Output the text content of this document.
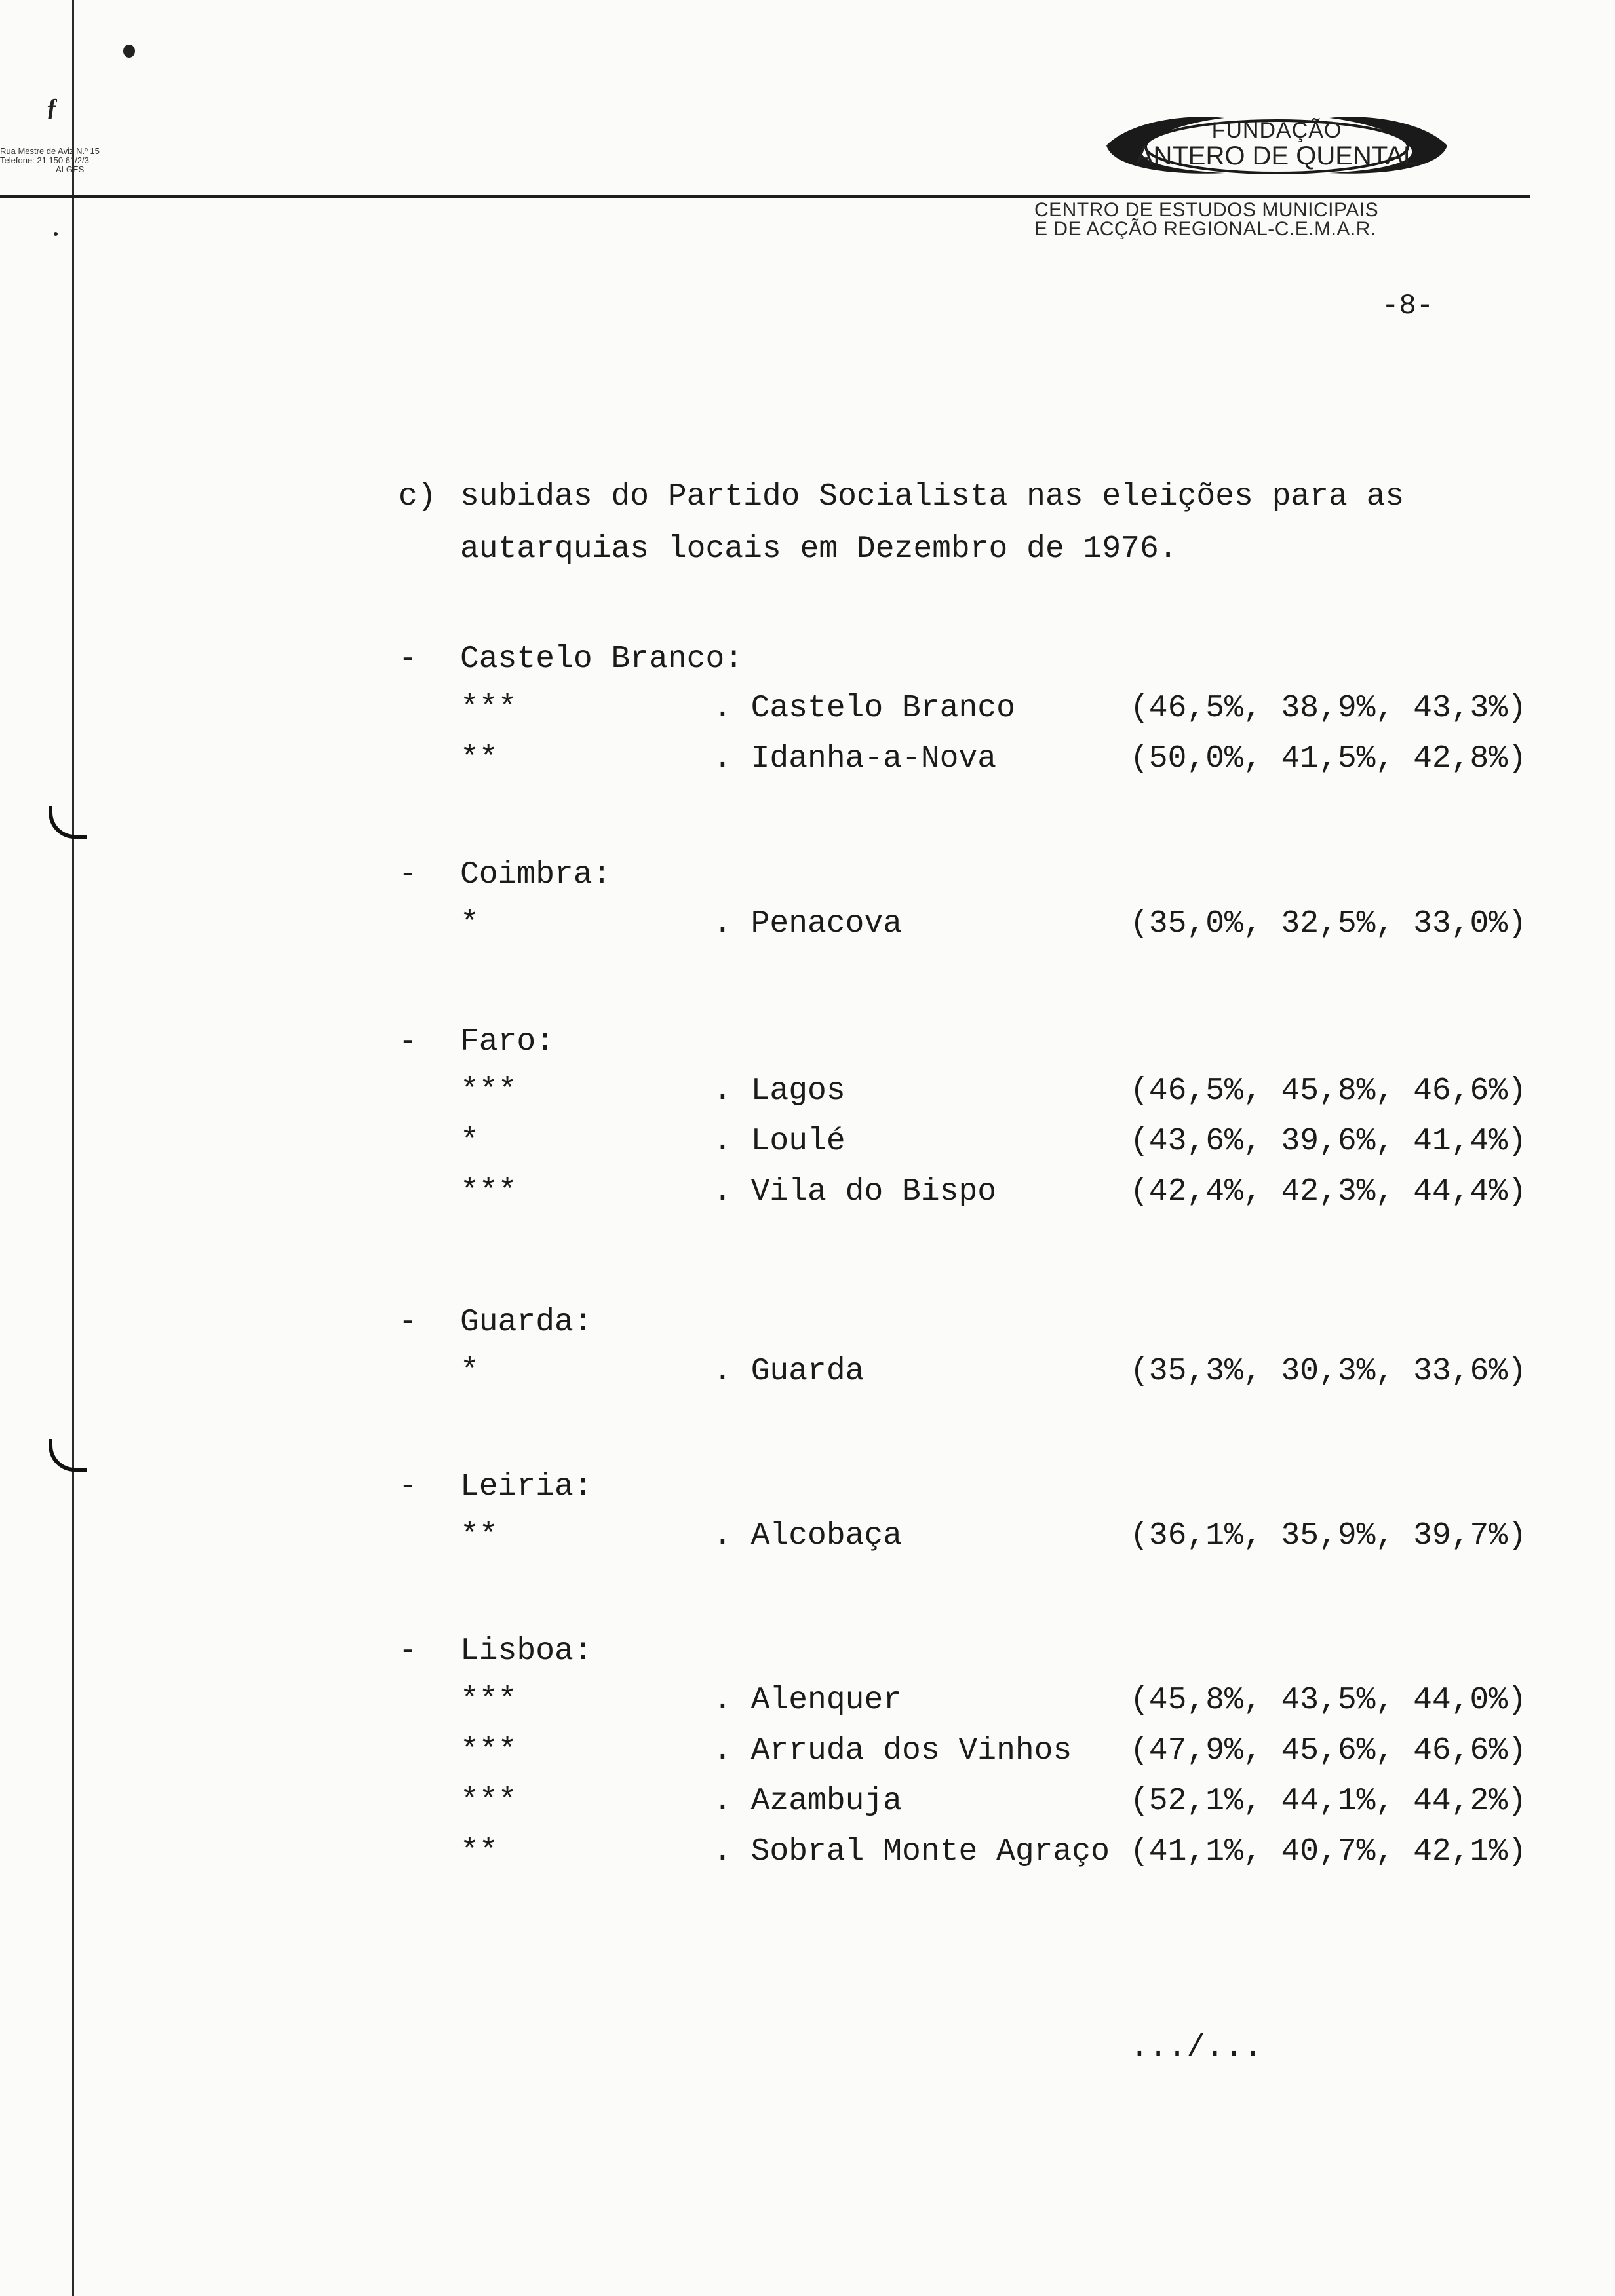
ƒ
Rua Mestre de Aviz N.º 15
Telefone: 21 150 61/2/3
ALGES
FUNDAÇÃO
ANTERO DE QUENTAL
CENTRO DE ESTUDOS MUNICIPAIS
E DE ACÇÃO REGIONAL-C.E.M.A.R.
-8-
c) subidas do Partido Socialista nas eleições para as
autarquias locais em Dezembro de 1976.
- Castelo Branco:
***	. Castelo Branco	(46,5%, 38,9%, 43,3%)
**	. Idanha-a-Nova	(50,0%, 41,5%, 42,8%)
- Coimbra:
*	. Penacova	(35,0%, 32,5%, 33,0%)
- Faro:
***	. Lagos	(46,5%, 45,8%, 46,6%)
*	. Loulé	(43,6%, 39,6%, 41,4%)
***	. Vila do Bispo	(42,4%, 42,3%, 44,4%)
- Guarda:
*	. Guarda	(35,3%, 30,3%, 33,6%)
- Leiria:
**	. Alcobaça	(36,1%, 35,9%, 39,7%)
- Lisboa:
***	. Alenquer	(45,8%, 43,5%, 44,0%)
***	. Arruda dos Vinhos (47,9%, 45,6%, 46,6%)
***	. Azambuja	(52,1%, 44,1%, 44,2%)
**	. Sobral Monte Agraço (41,1%, 40,7%, 42,1%)
.../...
